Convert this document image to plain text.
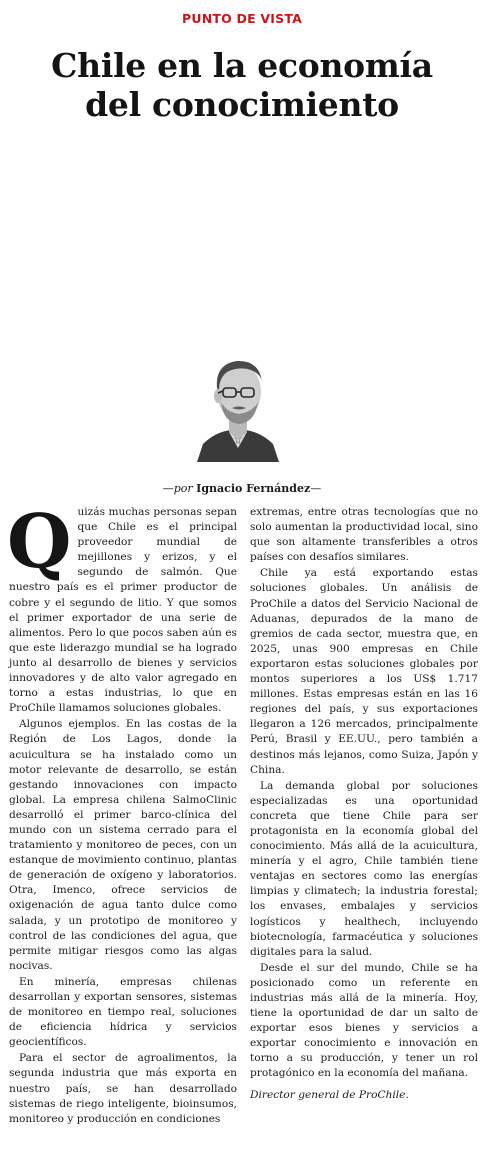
PUNTO DE VISTA
Chile en la economía
del conocimiento
—por Ignacio Fernández—

Quizás muchas personas sepan que Chile es el principal proveedor mundial de mejillones y erizos, y el segundo de salmón. Que nuestro país es el primer productor de cobre y el segundo de litio. Y que somos el primer exportador de una serie de alimentos. Pero lo que pocos saben aún es que este liderazgo mundial se ha logrado junto al desarrollo de bienes y servicios innovadores y de alto valor agregado en torno a estas industrias, lo que en ProChile llamamos soluciones globales.

Algunos ejemplos. En las costas de la Región de Los Lagos, donde la acuicultura se ha instalado como un motor relevante de desarrollo, se están gestando innovaciones con impacto global. La empresa chilena SalmoClinic desarrolló el primer barco-clínica del mundo con un sistema cerrado para el tratamiento y monitoreo de peces, con un estanque de movimiento continuo, plantas de generación de oxígeno y laboratorios. Otra, Imenco, ofrece servicios de oxigenación de agua tanto dulce como salada, y un prototipo de monitoreo y control de las condiciones del agua, que permite mitigar riesgos como las algas nocivas.

En minería, empresas chilenas desarrollan y exportan sensores, sistemas de monitoreo en tiempo real, soluciones de eficiencia hídrica y servicios geocientíficos.

Para el sector de agroalimentos, la segunda industria que más exporta en nuestro país, se han desarrollado sistemas de riego inteligente, bioinsumos, monitoreo y producción en condiciones

extremas, entre otras tecnologías que no solo aumentan la productividad local, sino que son altamente transferibles a otros países con desafíos similares.

Chile ya está exportando estas soluciones globales. Un análisis de ProChile a datos del Servicio Nacional de Aduanas, depurados de la mano de gremios de cada sector, muestra que, en 2025, unas 900 empresas en Chile exportaron estas soluciones globales por montos superiores a los US$ 1.717 millones. Estas empresas están en las 16 regiones del país, y sus exportaciones llegaron a 126 mercados, principalmente Perú, Brasil y EE.UU., pero también a destinos más lejanos, como Suiza, Japón y China.

La demanda global por soluciones especializadas es una oportunidad concreta que tiene Chile para ser protagonista en la economía global del conocimiento. Más allá de la acuicultura, minería y el agro, Chile también tiene ventajas en sectores como las energías limpias y climatech; la industria forestal; los envases, embalajes y servicios logísticos y healthech, incluyendo biotecnología, farmacéutica y soluciones digitales para la salud.

Desde el sur del mundo, Chile se ha posicionado como un referente en industrias más allá de la minería. Hoy, tiene la oportunidad de dar un salto de exportar esos bienes y servicios a exportar conocimiento e innovación en torno a su producción, y tener un rol protagónico en la economía del mañana.

Director general de ProChile.
